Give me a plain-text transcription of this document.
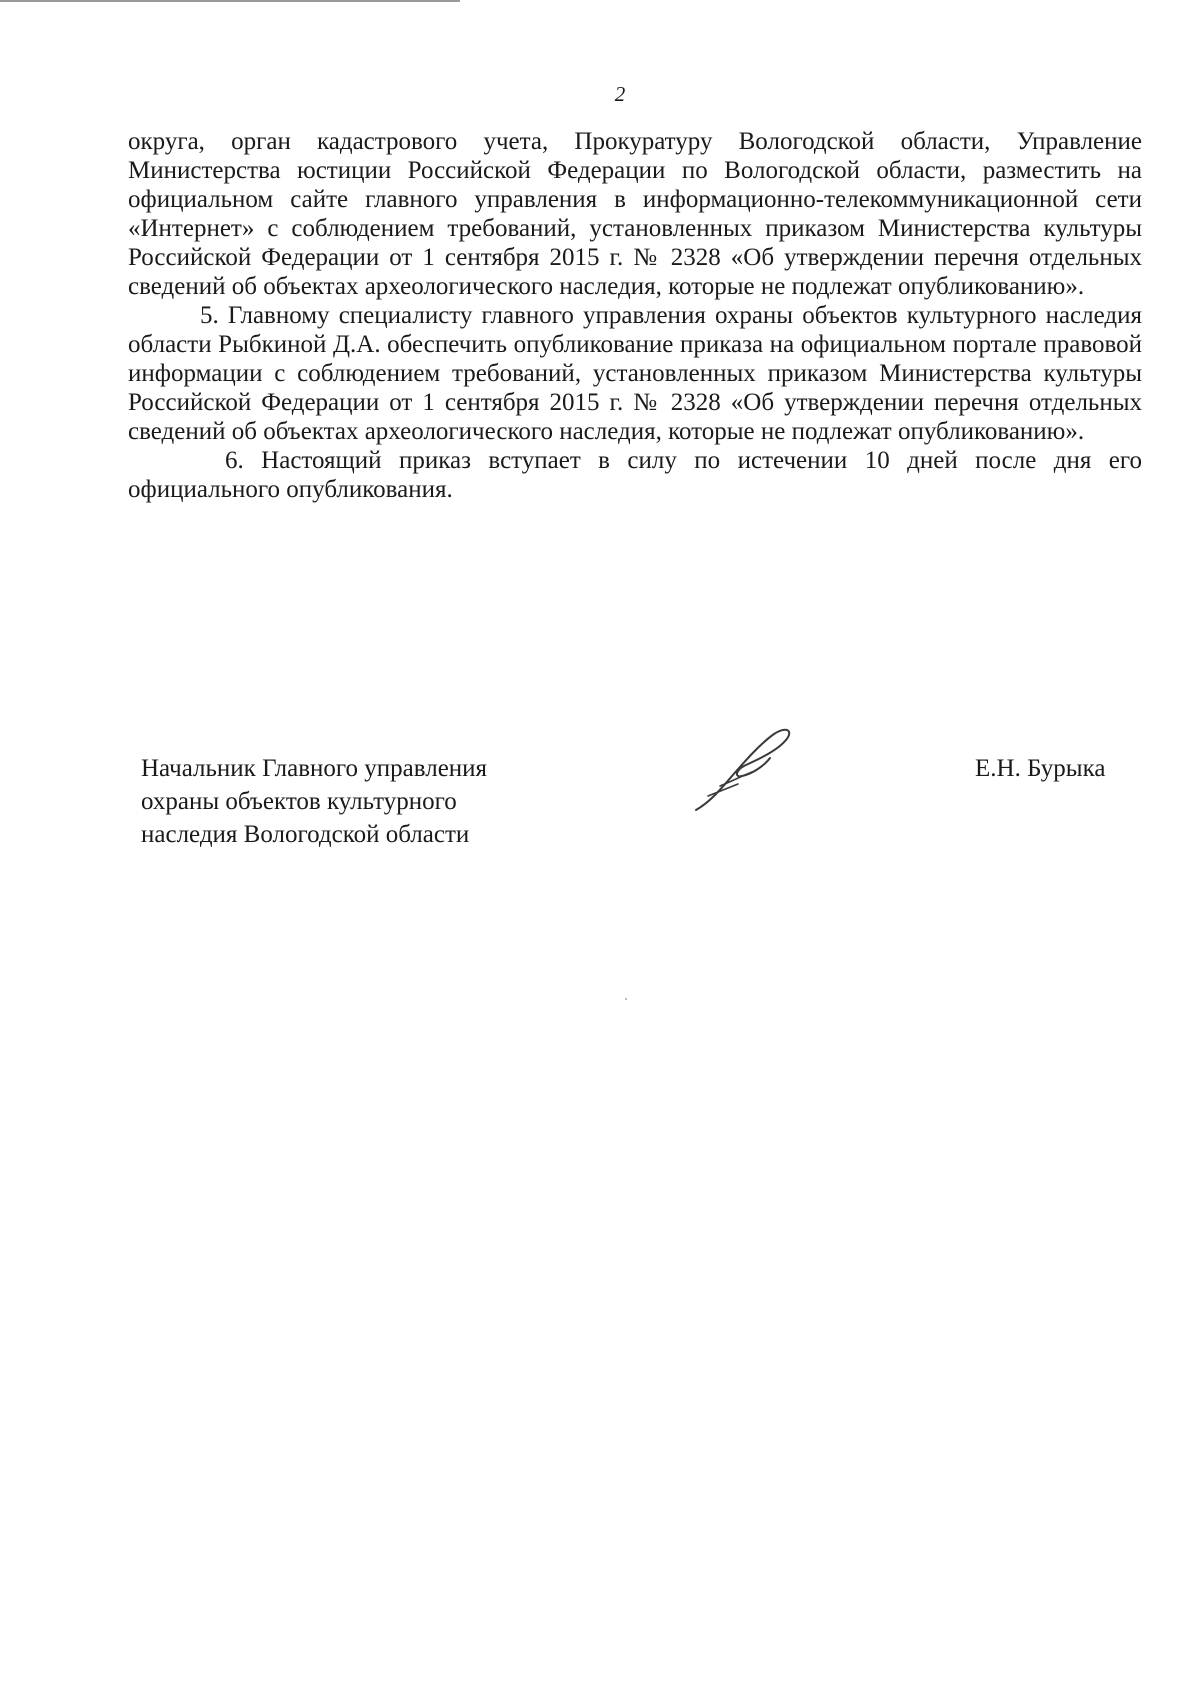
2

округа, орган кадастрового учета, Прокуратуру Вологодской области, Управление Министерства юстиции Российской Федерации по Вологодской области, разместить на официальном сайте главного управления в информационно-телекоммуникационной сети «Интернет» с соблюдением требований, установленных приказом Министерства культуры Российской Федерации от 1 сентября 2015 г. № 2328 «Об утверждении перечня отдельных сведений об объектах археологического наследия, которые не подлежат опубликованию».

5. Главному специалисту главного управления охраны объектов культурного наследия области Рыбкиной Д.А. обеспечить опубликование приказа на официальном портале правовой информации с соблюдением требований, установленных приказом Министерства культуры Российской Федерации от 1 сентября 2015 г. № 2328 «Об утверждении перечня отдельных сведений об объектах археологического наследия, которые не подлежат опубликованию».

6. Настоящий приказ вступает в силу по истечении 10 дней после дня его официального опубликования.

Начальник Главного управления
охраны объектов культурного
наследия Вологодской области
Е.Н. Бурыка
